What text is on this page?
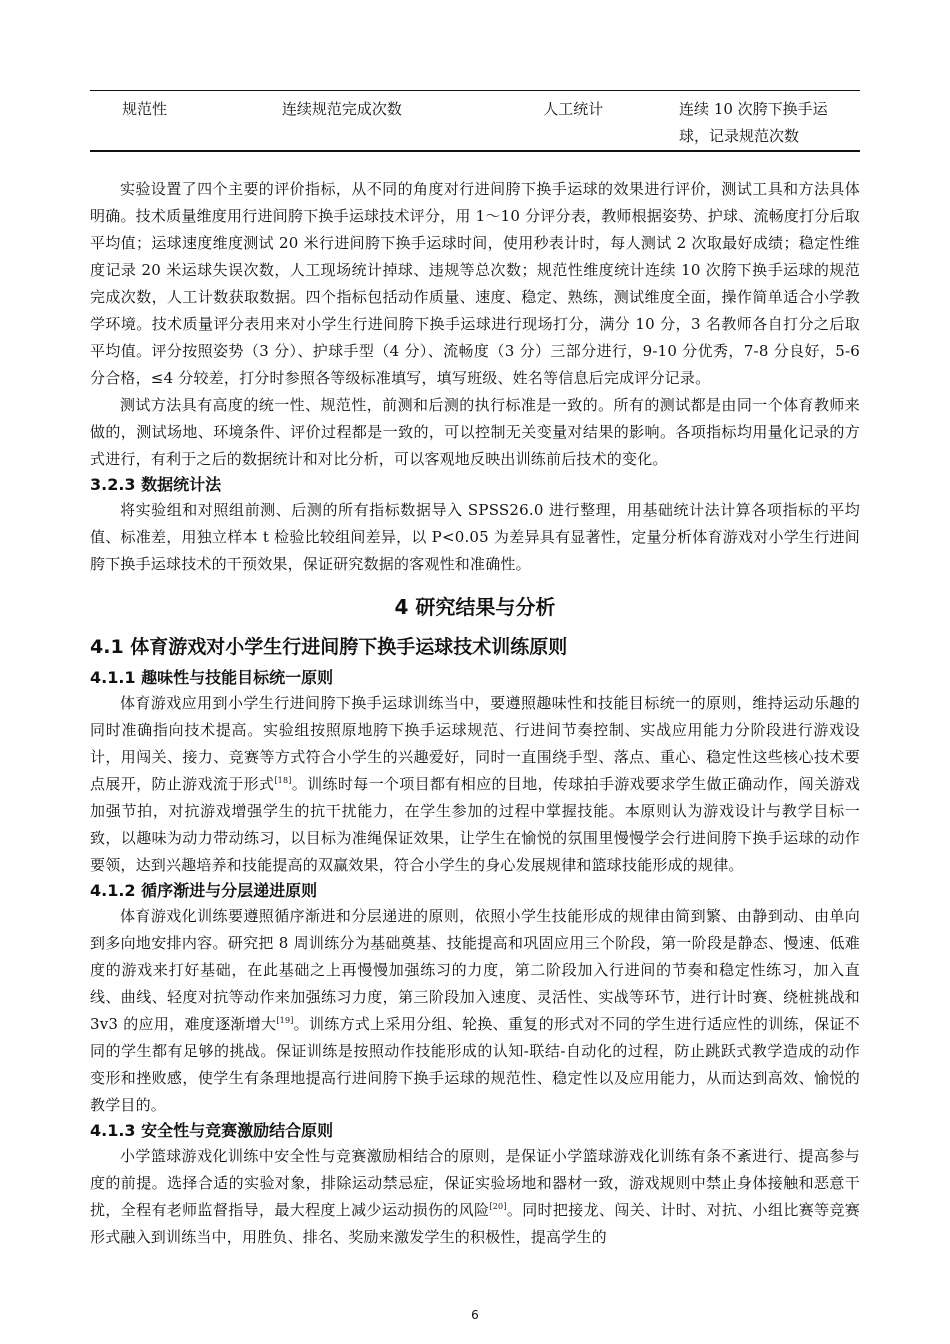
规范性	连续规范完成次数	人工统计	连续 10 次胯下换手运球，记录规范次数

实验设置了四个主要的评价指标，从不同的角度对行进间胯下换手运球的效果进行评价，测试工具和方法具体明确。技术质量维度用行进间胯下换手运球技术评分，用 1～10 分评分表，教师根据姿势、护球、流畅度打分后取平均值；运球速度维度测试 20 米行进间胯下换手运球时间，使用秒表计时，每人测试 2 次取最好成绩；稳定性维度记录 20 米运球失误次数，人工现场统计掉球、违规等总次数；规范性维度统计连续 10 次胯下换手运球的规范完成次数，人工计数获取数据。四个指标包括动作质量、速度、稳定、熟练，测试维度全面，操作简单适合小学教学环境。技术质量评分表用来对小学生行进间胯下换手运球进行现场打分，满分 10 分，3 名教师各自打分之后取平均值。评分按照姿势（3 分）、护球手型（4 分）、流畅度（3 分）三部分进行，9-10 分优秀，7-8 分良好，5-6 分合格，≤4 分较差，打分时参照各等级标准填写，填写班级、姓名等信息后完成评分记录。

测试方法具有高度的统一性、规范性，前测和后测的执行标准是一致的。所有的测试都是由同一个体育教师来做的，测试场地、环境条件、评价过程都是一致的，可以控制无关变量对结果的影响。各项指标均用量化记录的方式进行，有利于之后的数据统计和对比分析，可以客观地反映出训练前后技术的变化。

3.2.3 数据统计法

将实验组和对照组前测、后测的所有指标数据导入 SPSS26.0 进行整理，用基础统计法计算各项指标的平均值、标准差，用独立样本 t 检验比较组间差异，以 P<0.05 为差异具有显著性，定量分析体育游戏对小学生行进间胯下换手运球技术的干预效果，保证研究数据的客观性和准确性。

4 研究结果与分析
4.1 体育游戏对小学生行进间胯下换手运球技术训练原则
4.1.1 趣味性与技能目标统一原则

体育游戏应用到小学生行进间胯下换手运球训练当中，要遵照趣味性和技能目标统一的原则，维持运动乐趣的同时准确指向技术提高。实验组按照原地胯下换手运球规范、行进间节奏控制、实战应用能力分阶段进行游戏设计，用闯关、接力、竞赛等方式符合小学生的兴趣爱好，同时一直围绕手型、落点、重心、稳定性这些核心技术要点展开，防止游戏流于形式[18]。训练时每一个项目都有相应的目地，传球拍手游戏要求学生做正确动作，闯关游戏加强节拍，对抗游戏增强学生的抗干扰能力，在学生参加的过程中掌握技能。本原则认为游戏设计与教学目标一致，以趣味为动力带动练习，以目标为准绳保证效果，让学生在愉悦的氛围里慢慢学会行进间胯下换手运球的动作要领，达到兴趣培养和技能提高的双赢效果，符合小学生的身心发展规律和篮球技能形成的规律。

4.1.2 循序渐进与分层递进原则

体育游戏化训练要遵照循序渐进和分层递进的原则，依照小学生技能形成的规律由简到繁、由静到动、由单向到多向地安排内容。研究把 8 周训练分为基础奠基、技能提高和巩固应用三个阶段，第一阶段是静态、慢速、低难度的游戏来打好基础，在此基础之上再慢慢加强练习的力度，第二阶段加入行进间的节奏和稳定性练习，加入直线、曲线、轻度对抗等动作来加强练习力度，第三阶段加入速度、灵活性、实战等环节，进行计时赛、绕桩挑战和 3v3 的应用，难度逐渐增大[19]。训练方式上采用分组、轮换、重复的形式对不同的学生进行适应性的训练，保证不同的学生都有足够的挑战。保证训练是按照动作技能形成的认知-联结-自动化的过程，防止跳跃式教学造成的动作变形和挫败感，使学生有条理地提高行进间胯下换手运球的规范性、稳定性以及应用能力，从而达到高效、愉悦的教学目的。

4.1.3 安全性与竞赛激励结合原则

小学篮球游戏化训练中安全性与竞赛激励相结合的原则，是保证小学篮球游戏化训练有条不紊进行、提高参与度的前提。选择合适的实验对象，排除运动禁忌症，保证实验场地和器材一致，游戏规则中禁止身体接触和恶意干扰，全程有老师监督指导，最大程度上减少运动损伤的风险[20]。同时把接龙、闯关、计时、对抗、小组比赛等竞赛形式融入到训练当中，用胜负、排名、奖励来激发学生的积极性，提高学生的

6
